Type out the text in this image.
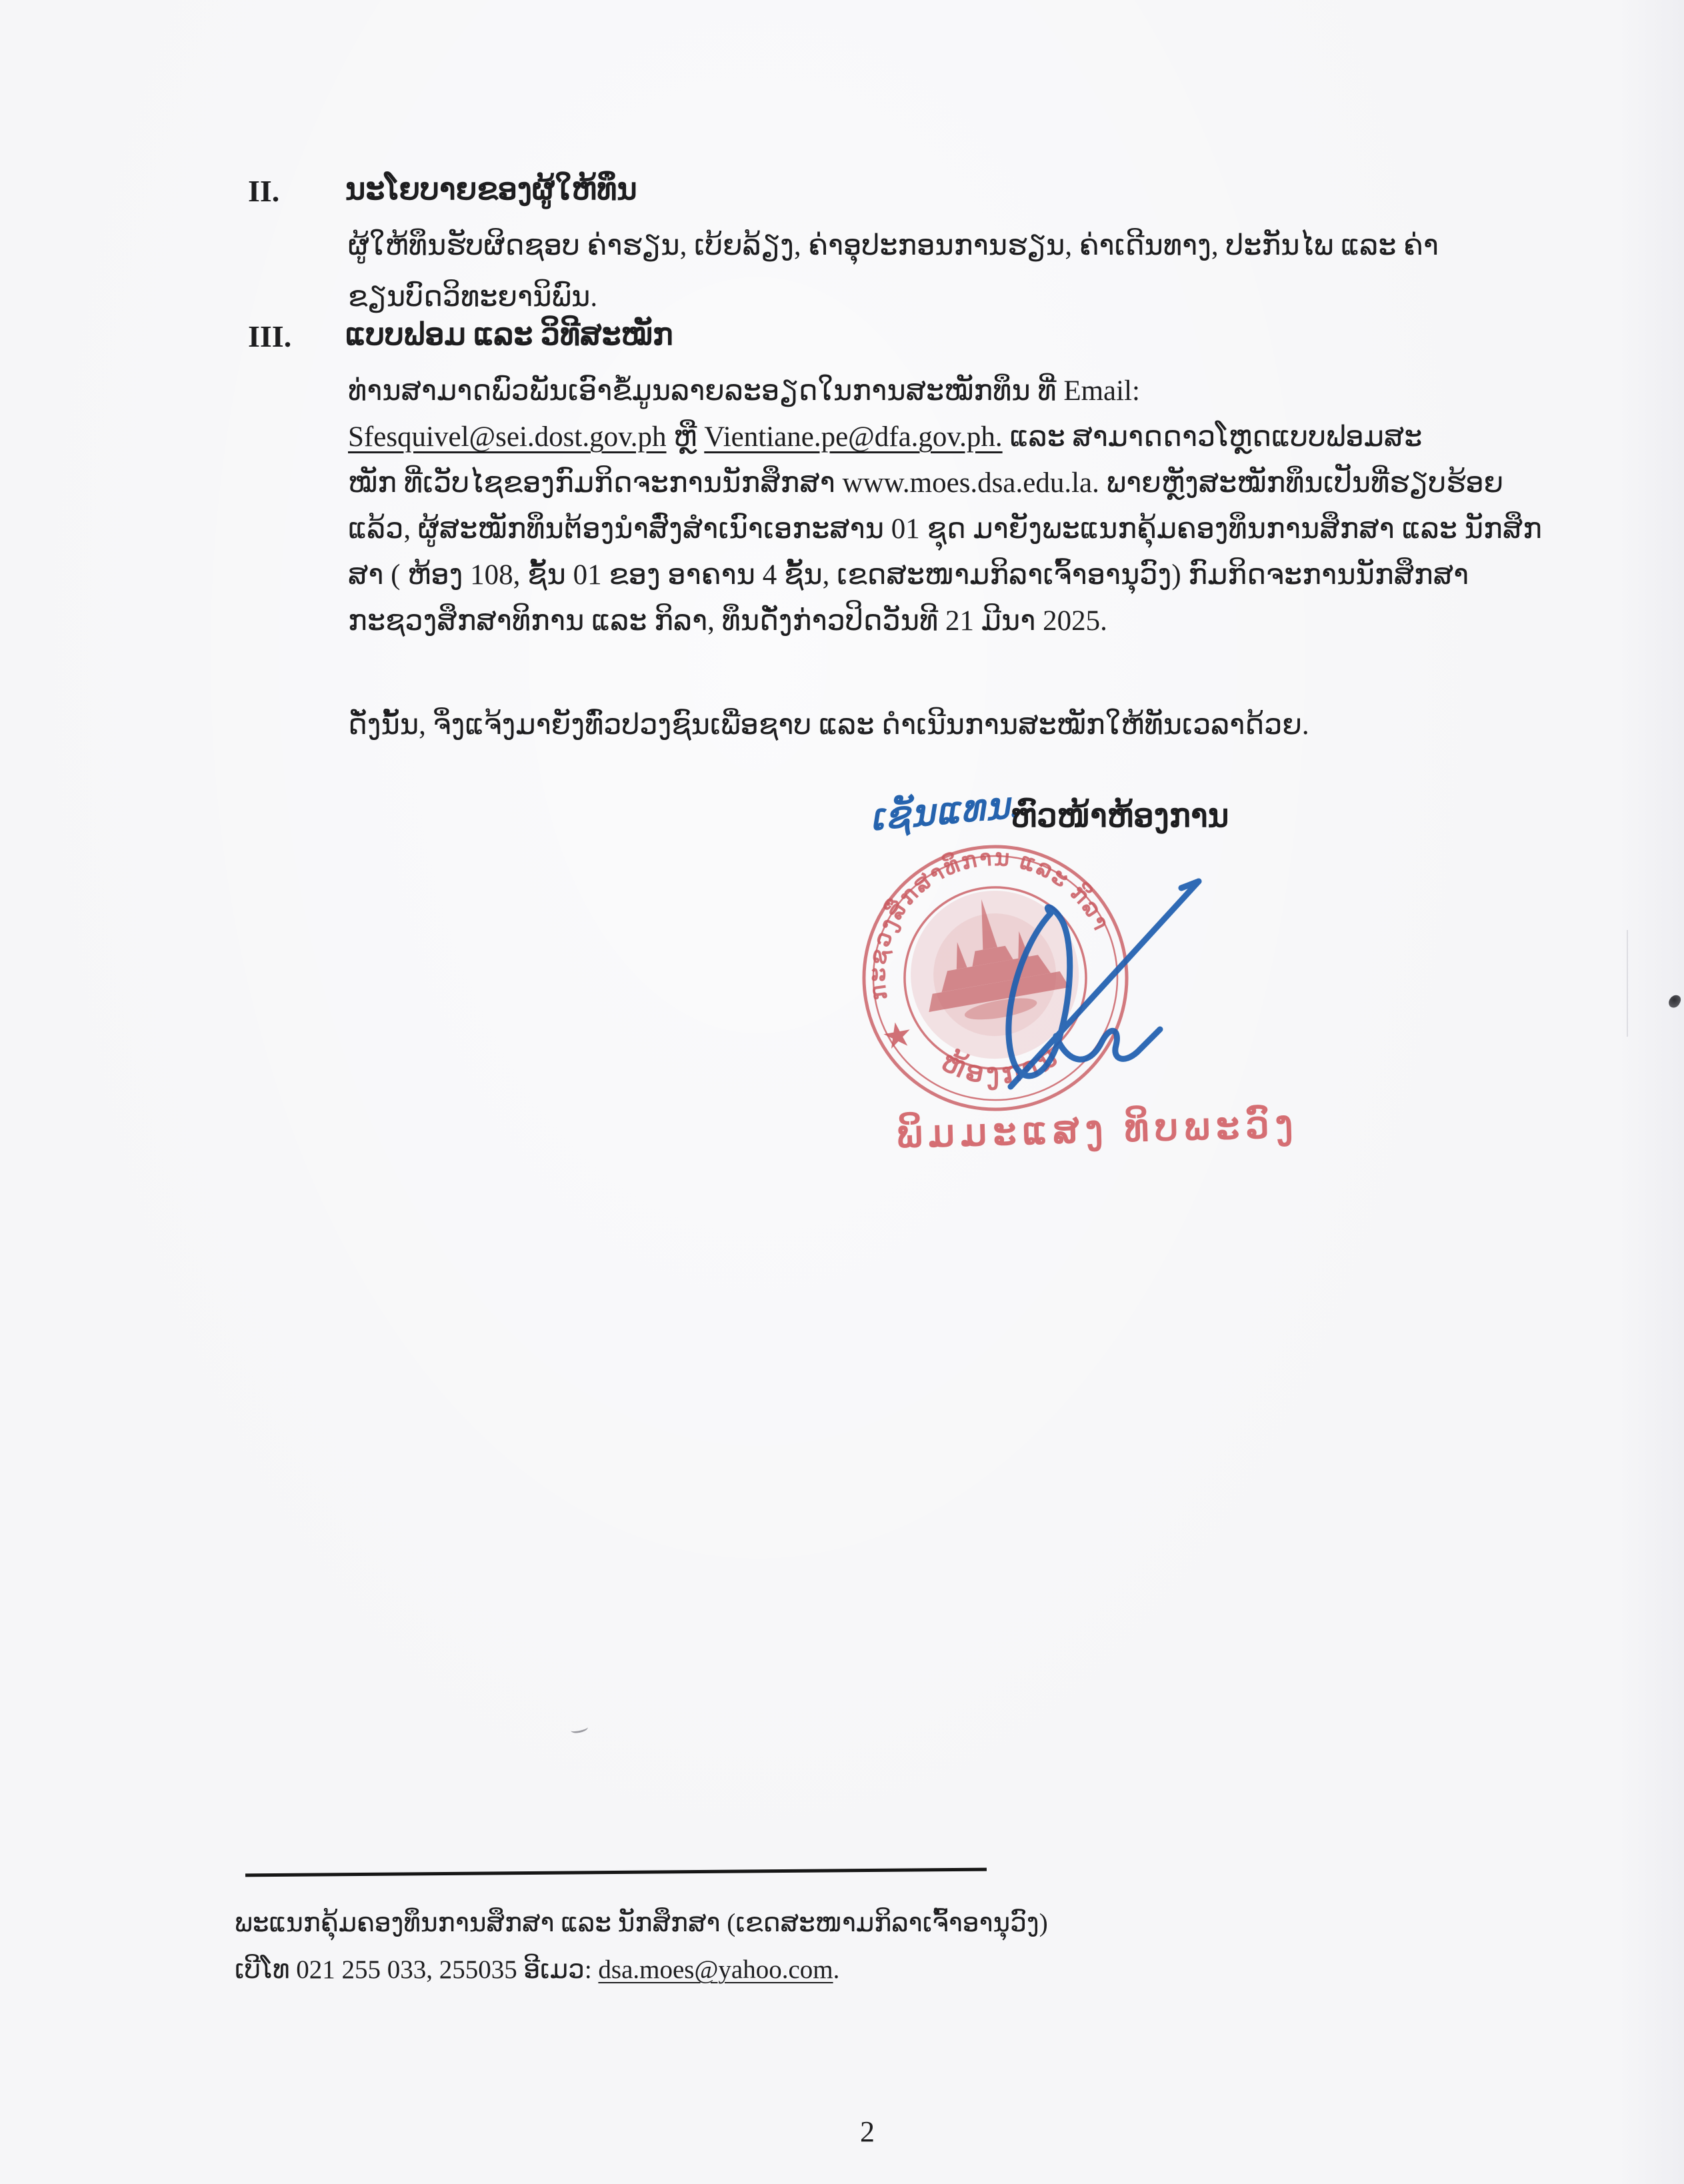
II. ນະໂຍບາຍຂອງຜູ້ໃຫ້ທຶນ
ຜູ້ໃຫ້ທຶນຮັບຜິດຊອບ ຄ່າຮຽນ, ເບ້ຍລ້ຽງ, ຄ່າອຸປະກອນການຮຽນ, ຄ່າເດີນທາງ, ປະກັນໄພ ແລະ ຄ່າ
ຂຽນບົດວິທະຍານິພົນ.
III. ແບບຟອມ ແລະ ວິທີສະໝັກ
ທ່ານສາມາດພົວພັນເອົາຂໍ້ມູນລາຍລະອຽດໃນການສະໝັກທຶນ ທີ່ Email:
Sfesquivel@sei.dost.gov.ph ຫຼື Vientiane.pe@dfa.gov.ph. ແລະ ສາມາດດາວໂຫຼດແບບຟອມສະ
ໝັກ ທີ່ເວັບໄຊຂອງກົມກິດຈະການນັກສຶກສາ www.moes.dsa.edu.la. ພາຍຫຼັງສະໝັກທຶນເປັນທີ່ຮຽບຮ້ອຍ
ແລ້ວ, ຜູ້ສະໝັກທຶນຕ້ອງນຳສົ່ງສຳເນົາເອກະສານ 01 ຊຸດ ມາຍັງພະແນກຄຸ້ມຄອງທຶນການສຶກສາ ແລະ ນັກສຶກ
ສາ ( ຫ້ອງ 108, ຊັ້ນ 01 ຂອງ ອາຄານ 4 ຊັ້ນ, ເຂດສະໜາມກິລາເຈົ້າອານຸວົງ) ກົມກິດຈະການນັກສຶກສາ
ກະຊວງສຶກສາທິການ ແລະ ກິລາ, ທຶນດັ່ງກ່າວປິດວັນທີ 21 ມີນາ 2025.
ດັ່ງນັ້ນ, ຈຶ່ງແຈ້ງມາຍັງທົ່ວປວງຊົນເພື່ອຊາບ ແລະ ດຳເນີນການສະໝັກໃຫ້ທັນເວລາດ້ວຍ.
ເຊັນແທນ.
ຫົວໜ້າຫ້ອງການ
ກະຊວງສຶກສາທິການ ແລະ ກິລາ
ຫ້ອງການ
★
ພິມມະແສງ ທິບພະວົງ
ພະແນກຄຸ້ມຄອງທຶນການສຶກສາ ແລະ ນັກສຶກສາ (ເຂດສະໜາມກິລາເຈົ້າອານຸວົງ)
ເບີໂທ 021 255 033, 255035 ອີເມວ: dsa.moes@yahoo.com.
2
